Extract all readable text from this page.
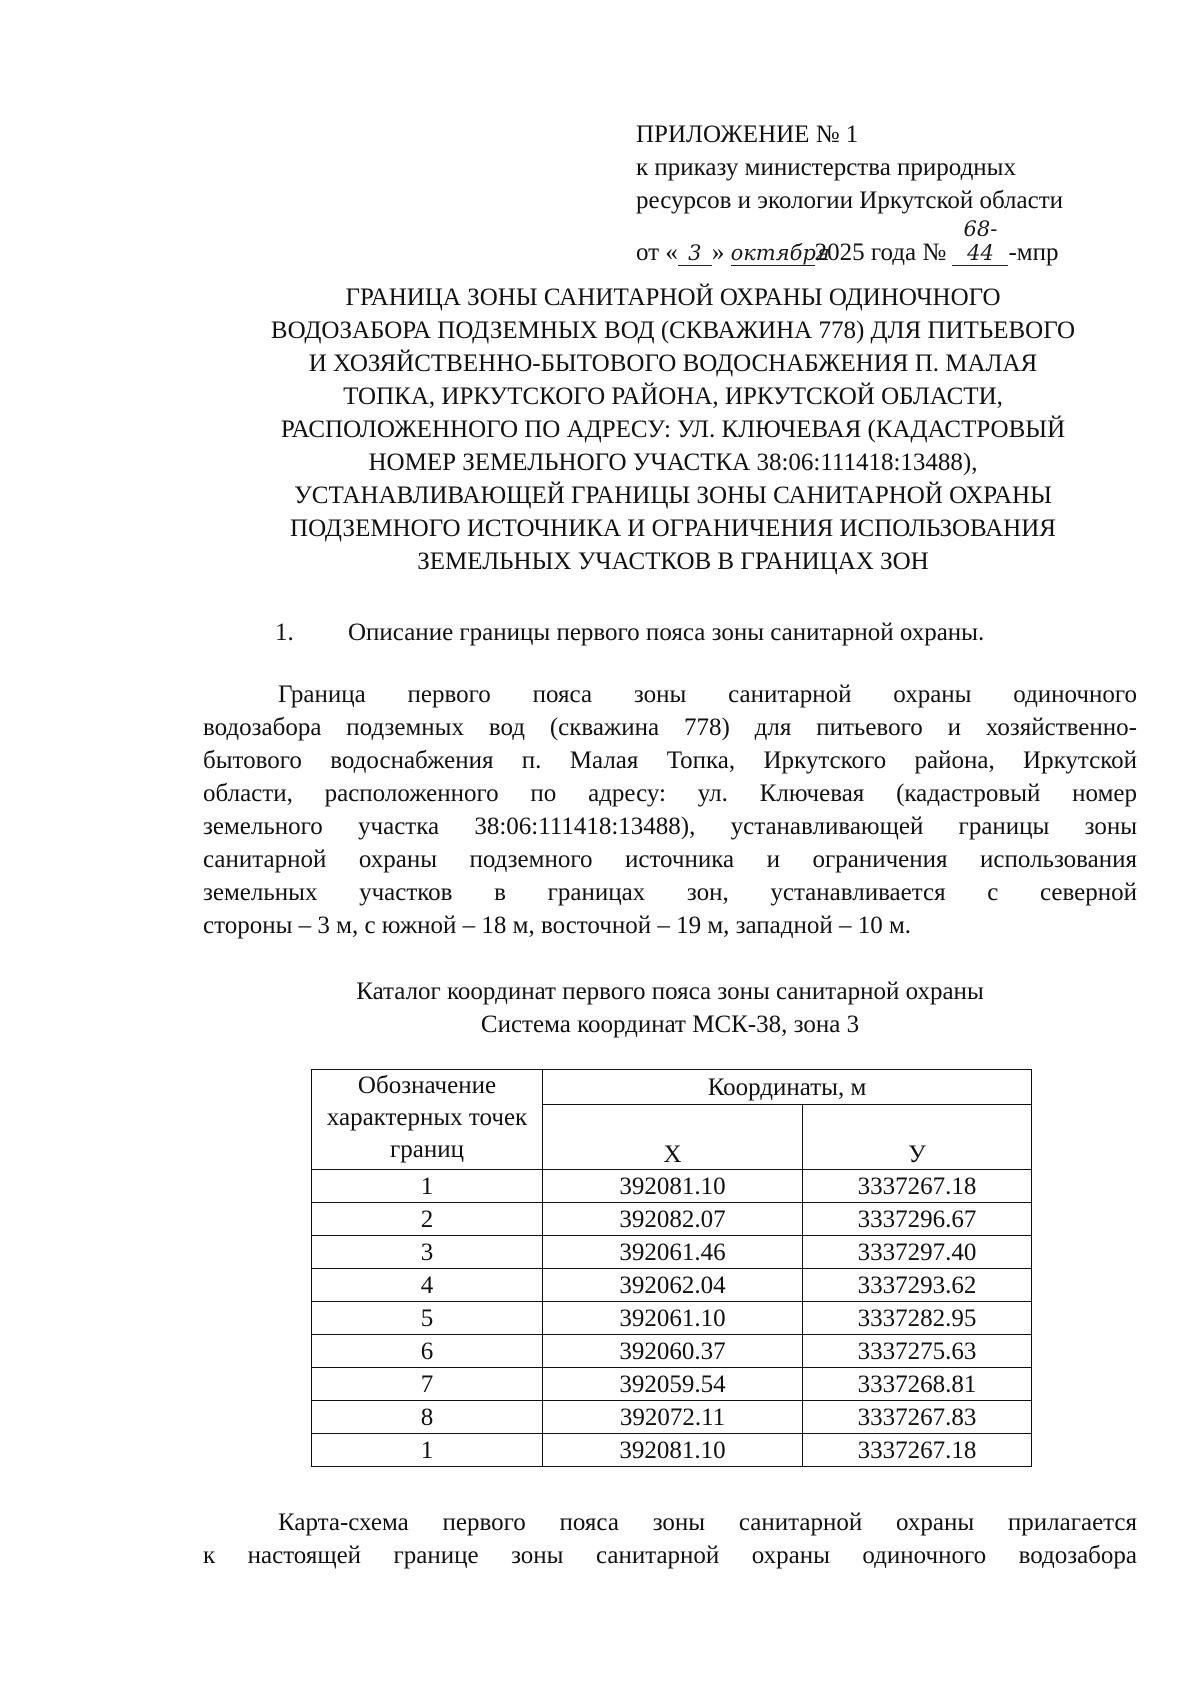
ПРИЛОЖЕНИЕ № 1
к приказу министерства природных
ресурсов и экологии Иркутской области
от « 3 » октября2025 года № 68-44 -мпр
ГРАНИЦА ЗОНЫ САНИТАРНОЙ ОХРАНЫ ОДИНОЧНОГО
ВОДОЗАБОРА ПОДЗЕМНЫХ ВОД (СКВАЖИНА 778) ДЛЯ ПИТЬЕВОГО
И ХОЗЯЙСТВЕННО-БЫТОВОГО ВОДОСНАБЖЕНИЯ П. МАЛАЯ
ТОПКА, ИРКУТСКОГО РАЙОНА, ИРКУТСКОЙ ОБЛАСТИ,
РАСПОЛОЖЕННОГО ПО АДРЕСУ: УЛ. КЛЮЧЕВАЯ (КАДАСТРОВЫЙ
НОМЕР ЗЕМЕЛЬНОГО УЧАСТКА 38:06:111418:13488),
УСТАНАВЛИВАЮЩЕЙ ГРАНИЦЫ ЗОНЫ САНИТАРНОЙ ОХРАНЫ
ПОДЗЕМНОГО ИСТОЧНИКА И ОГРАНИЧЕНИЯ ИСПОЛЬЗОВАНИЯ
ЗЕМЕЛЬНЫХ УЧАСТКОВ В ГРАНИЦАХ ЗОН
1. Описание границы первого пояса зоны санитарной охраны.
Граница первого пояса зоны санитарной охраны одиночного
водозабора подземных вод (скважина 778) для питьевого и хозяйственно-
бытового водоснабжения п. Малая Топка, Иркутского района, Иркутской
области, расположенного по адресу: ул. Ключевая (кадастровый номер
земельного участка 38:06:111418:13488), устанавливающей границы зоны
санитарной охраны подземного источника и ограничения использования
земельных участков в границах зон, устанавливается с северной
стороны – 3 м, с южной – 18 м, восточной – 19 м, западной – 10 м.
Каталог координат первого пояса зоны санитарной охраны
Система координат МСК-38, зона 3
Обозначение характерных точек границ	Координаты, м	
	X	У
1	392081.10	3337267.18
2	392082.07	3337296.67
3	392061.46	3337297.40
4	392062.04	3337293.62
5	392061.10	3337282.95
6	392060.37	3337275.63
7	392059.54	3337268.81
8	392072.11	3337267.83
1	392081.10	3337267.18
Карта-схема первого пояса зоны санитарной охраны прилагается
к настоящей границе зоны санитарной охраны одиночного водозабора
